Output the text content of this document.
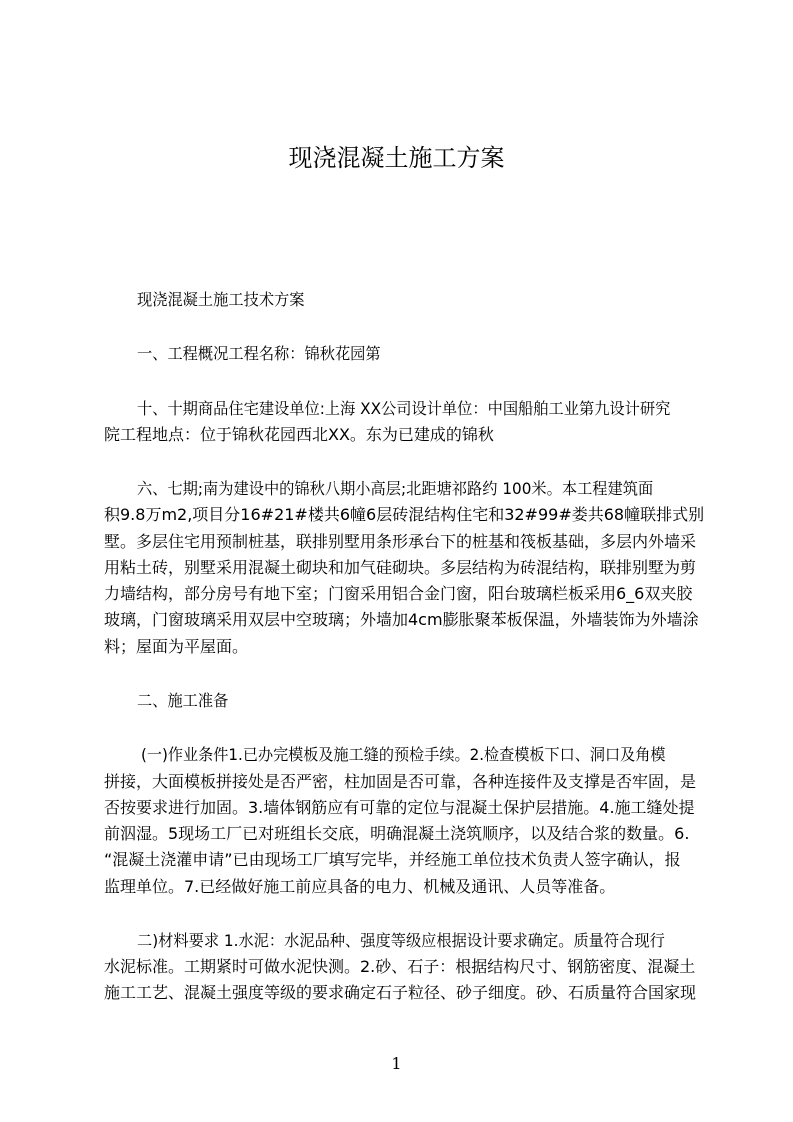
现浇混凝土施工方案
现浇混凝土施工技术方案
一、工程概况工程名称：锦秋花园第
十、十期商品住宅建设单位:上海 XX公司设计单位：中国船舶工业第九设计研究
院工程地点：位于锦秋花园西北XX。东为已建成的锦秋
六、七期;南为建设中的锦秋八期小高层;北距塘祁路约 100米。本工程建筑面
积9.8万m2,项目分16#21#楼共6幢6层砖混结构住宅和32#99#娄共68幢联排式别
墅。多层住宅用预制桩基，联排别墅用条形承台下的桩基和筏板基础，多层内外墙采
用粘土砖，别墅采用混凝土砌块和加气硅砌块。多层结构为砖混结构，联排别墅为剪
力墙结构，部分房号有地下室；门窗采用铝合金门窗，阳台玻璃栏板采用6_6双夹胶
玻璃，门窗玻璃采用双层中空玻璃；外墙加4cm膨胀聚苯板保温，外墙装饰为外墙涂
料；屋面为平屋面。
二、施工准备
(一)作业条件1.已办完模板及施工缝的预检手续。2.检查模板下口、洞口及角模
拼接，大面模板拼接处是否严密，柱加固是否可靠，各种连接件及支撑是否牢固，是
否按要求进行加固。3.墙体钢筋应有可靠的定位与混凝土保护层措施。4.施工缝处提
前泅湿。5现场工厂已对班组长交底，明确混凝土浇筑顺序，以及结合浆的数量。6.
“混凝土浇灌申请”已由现场工厂填写完毕，并经施工单位技术负责人签字确认，报
监理单位。7.已经做好施工前应具备的电力、机械及通讯、人员等准备。
二)材料要求 1.水泥：水泥品种、强度等级应根据设计要求确定。质量符合现行
水泥标准。工期紧时可做水泥快测。2.砂、石子：根据结构尺寸、钢筋密度、混凝土
施工工艺、混凝土强度等级的要求确定石子粒径、砂子细度。砂、石质量符合国家现
1
